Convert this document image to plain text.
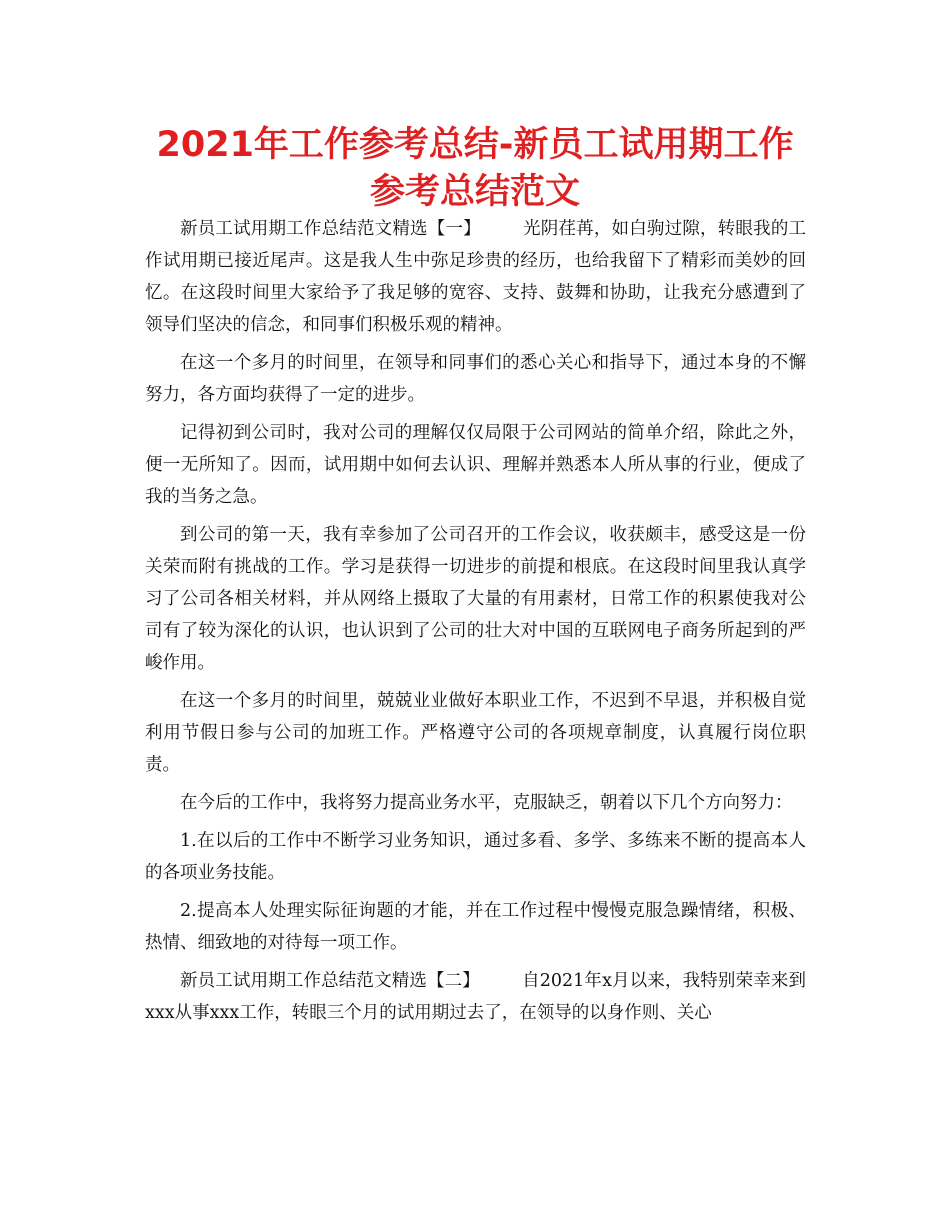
2021年工作参考总结-新员工试用期工作参考总结范文

新员工试用期工作总结范文精选【一】 光阴荏苒，如白驹过隙，转眼我的工作试用期已接近尾声。这是我人生中弥足珍贵的经历，也给我留下了精彩而美妙的回忆。在这段时间里大家给予了我足够的宽容、支持、鼓舞和协助，让我充分感遭到了领导们坚决的信念，和同事们积极乐观的精神。

在这一个多月的时间里，在领导和同事们的悉心关心和指导下，通过本身的不懈努力，各方面均获得了一定的进步。

记得初到公司时，我对公司的理解仅仅局限于公司网站的简单介绍，除此之外，便一无所知了。因而，试用期中如何去认识、理解并熟悉本人所从事的行业，便成了我的当务之急。

到公司的第一天，我有幸参加了公司召开的工作会议，收获颇丰，感受这是一份关荣而附有挑战的工作。学习是获得一切进步的前提和根底。在这段时间里我认真学习了公司各相关材料，并从网络上摄取了大量的有用素材，日常工作的积累使我对公司有了较为深化的认识，也认识到了公司的壮大对中国的互联网电子商务所起到的严峻作用。

在这一个多月的时间里，兢兢业业做好本职业工作，不迟到不早退，并积极自觉利用节假日参与公司的加班工作。严格遵守公司的各项规章制度，认真履行岗位职责。

在今后的工作中，我将努力提高业务水平，克服缺乏，朝着以下几个方向努力：

1.在以后的工作中不断学习业务知识，通过多看、多学、多练来不断的提高本人的各项业务技能。

2.提高本人处理实际征询题的才能，并在工作过程中慢慢克服急躁情绪，积极、热情、细致地的对待每一项工作。

新员工试用期工作总结范文精选【二】 自2021年x月以来，我特别荣幸来到xxx从事xxx工作，转眼三个月的试用期过去了，在领导的以身作则、关心
